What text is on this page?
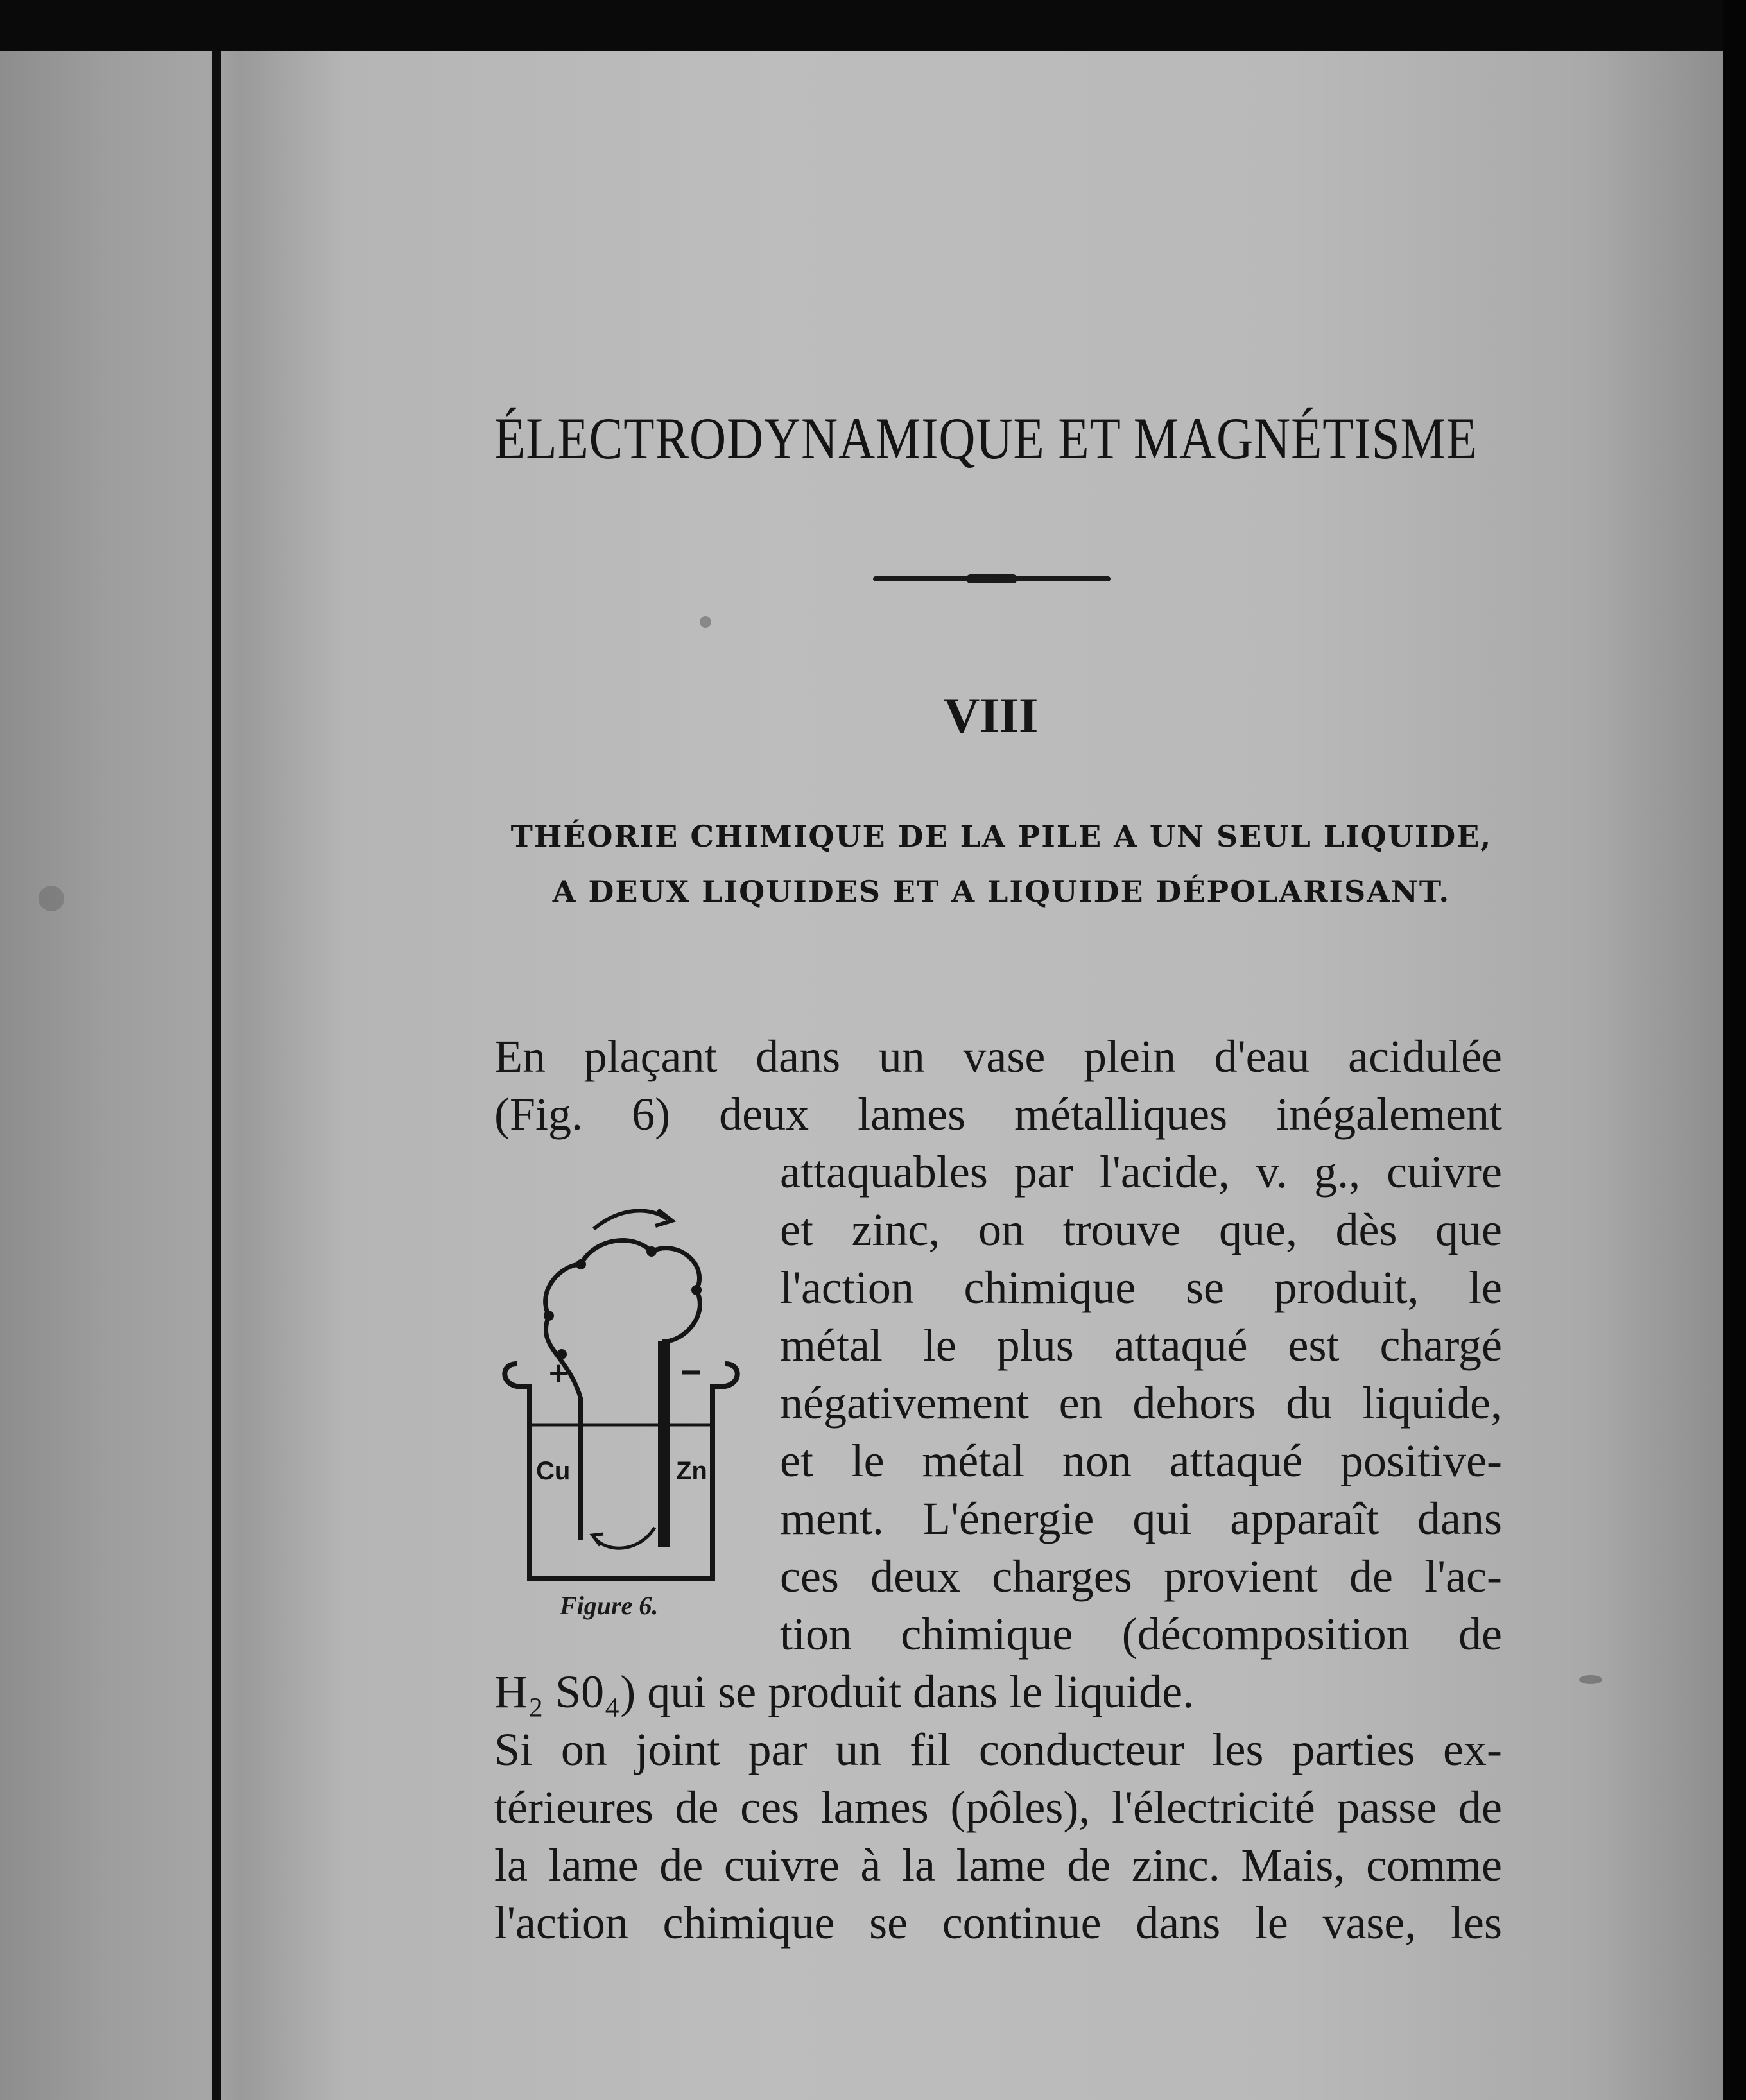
ÉLECTRODYNAMIQUE ET MAGNÉTISME
VIII
THÉORIE CHIMIQUE DE LA PILE A UN SEUL LIQUIDE, A DEUX LIQUIDES ET A LIQUIDE DÉPOLARISANT.
En plaçant dans un vase plein d'eau acidulée
(Fig. 6) deux lames métalliques inégalement
attaquables par l'acide, v. g., cuivre
et zinc, on trouve que, dès que
l'action chimique se produit, le
métal le plus attaqué est chargé
négativement en dehors du liquide,
et le métal non attaqué positive-
ment. L'énergie qui apparaît dans
ces deux charges provient de l'ac-
tion chimique (décomposition de
H₂ S0₄) qui se produit dans le liquide.
Si on joint par un fil conducteur les parties ex-
térieures de ces lames (pôles), l'électricité passe de
la lame de cuivre à la lame de zinc. Mais, comme
l'action chimique se continue dans le vase, les
+	−
Cu	Zn
Figure 6.
